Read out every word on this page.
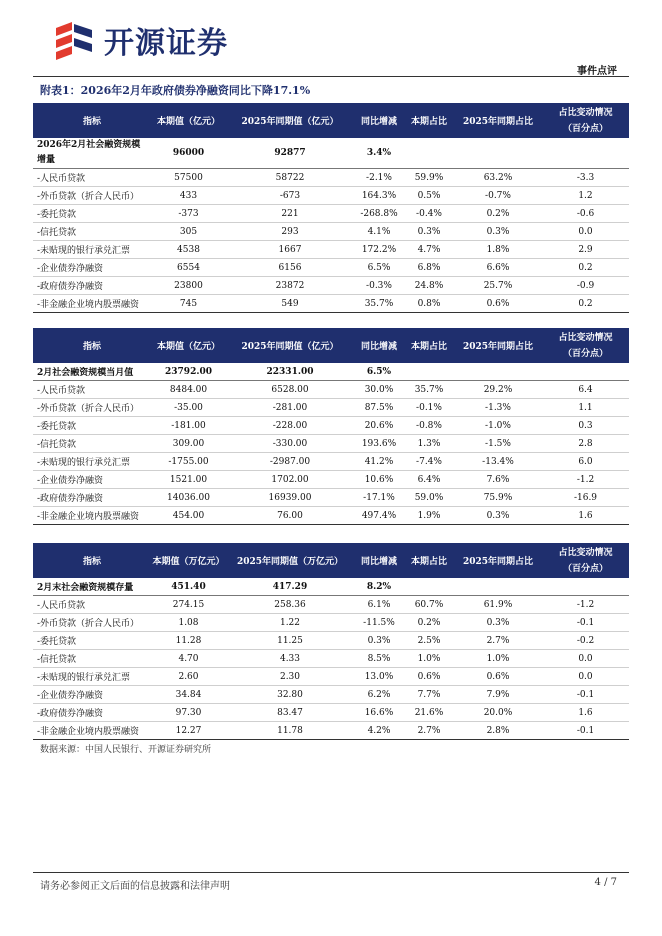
开源证券
事件点评
附表1：2026年2月年政府债券净融资同比下降17.1%
指标	本期值（亿元）	2025年同期值（亿元）	同比增减	本期占比	2025年同期占比	占比变动情况（百分点）
2026年2月社会融资规模增量	96000	92877	3.4%			
-人民币贷款	57500	58722	-2.1%	59.9%	63.2%	-3.3
-外币贷款（折合人民币）	433	-673	164.3%	0.5%	-0.7%	1.2
-委托贷款	-373	221	-268.8%	-0.4%	0.2%	-0.6
-信托贷款	305	293	4.1%	0.3%	0.3%	0.0
-未贴现的银行承兑汇票	4538	1667	172.2%	4.7%	1.8%	2.9
-企业债券净融资	6554	6156	6.5%	6.8%	6.6%	0.2
-政府债券净融资	23800	23872	-0.3%	24.8%	25.7%	-0.9
-非金融企业境内股票融资	745	549	35.7%	0.8%	0.6%	0.2
指标	本期值（亿元）	2025年同期值（亿元）	同比增减	本期占比	2025年同期占比	占比变动情况（百分点）
2月社会融资规模当月值	23792.00	22331.00	6.5%			
-人民币贷款	8484.00	6528.00	30.0%	35.7%	29.2%	6.4
-外币贷款（折合人民币）	-35.00	-281.00	87.5%	-0.1%	-1.3%	1.1
-委托贷款	-181.00	-228.00	20.6%	-0.8%	-1.0%	0.3
-信托贷款	309.00	-330.00	193.6%	1.3%	-1.5%	2.8
-未贴现的银行承兑汇票	-1755.00	-2987.00	41.2%	-7.4%	-13.4%	6.0
-企业债券净融资	1521.00	1702.00	10.6%	6.4%	7.6%	-1.2
-政府债券净融资	14036.00	16939.00	-17.1%	59.0%	75.9%	-16.9
-非金融企业境内股票融资	454.00	76.00	497.4%	1.9%	0.3%	1.6
指标	本期值（万亿元）	2025年同期值（万亿元）	同比增减	本期占比	2025年同期占比	占比变动情况（百分点）
2月末社会融资规模存量	451.40	417.29	8.2%			
-人民币贷款	274.15	258.36	6.1%	60.7%	61.9%	-1.2
-外币贷款（折合人民币）	1.08	1.22	-11.5%	0.2%	0.3%	-0.1
-委托贷款	11.28	11.25	0.3%	2.5%	2.7%	-0.2
-信托贷款	4.70	4.33	8.5%	1.0%	1.0%	0.0
-未贴现的银行承兑汇票	2.60	2.30	13.0%	0.6%	0.6%	0.0
-企业债券净融资	34.84	32.80	6.2%	7.7%	7.9%	-0.1
-政府债券净融资	97.30	83.47	16.6%	21.6%	20.0%	1.6
-非金融企业境内股票融资	12.27	11.78	4.2%	2.7%	2.8%	-0.1
数据来源：中国人民银行、开源证券研究所
请务必参阅正文后面的信息披露和法律声明	4 / 7
